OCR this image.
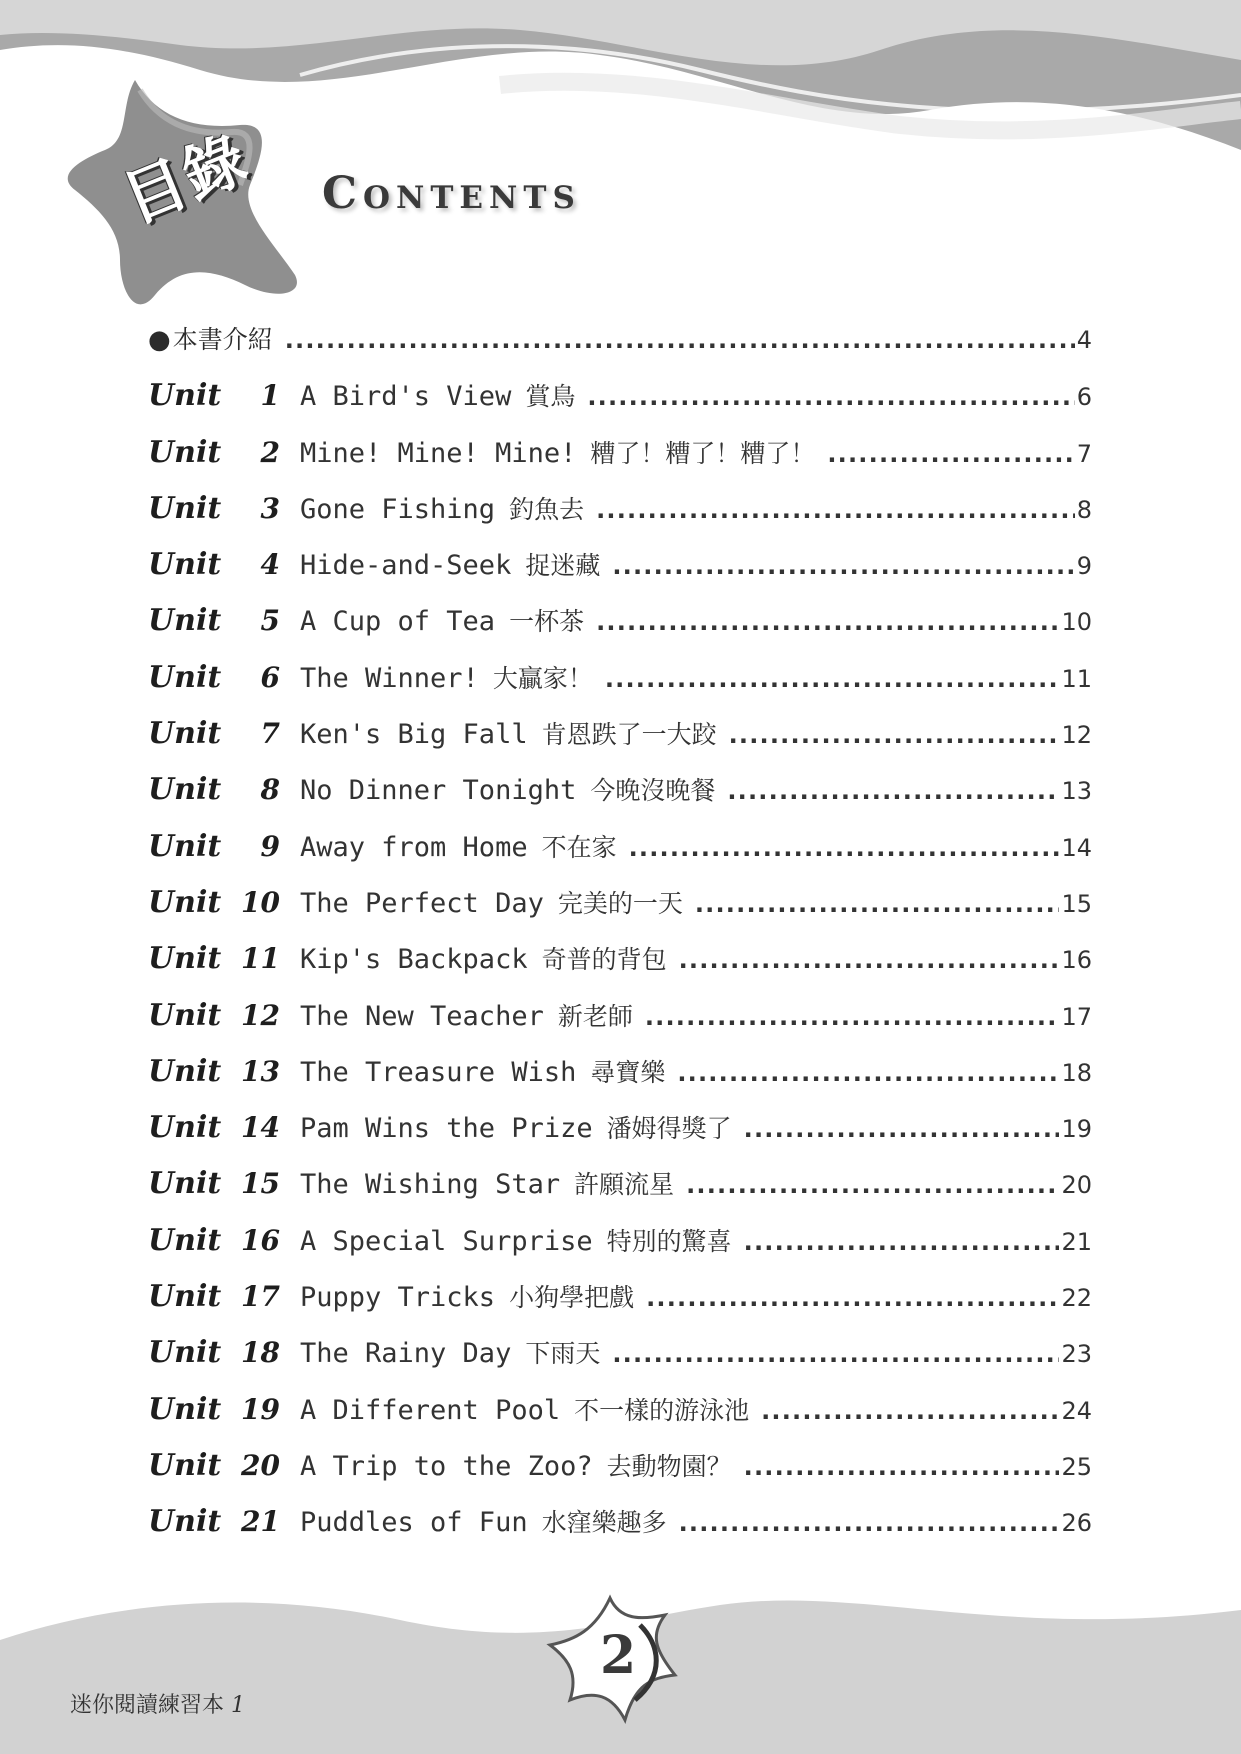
目錄 Contents
● 本書介紹 .....	4
Unit	1 A Bird's View 賞鳥 .....	6
Unit	2 Mine! Mine! Mine! 糟了！糟了！糟了！ .....	7
Unit	3 Gone Fishing 釣魚去 .....	8
Unit	4 Hide-and-Seek 捉迷藏 .....	9
Unit	5 A Cup of Tea 一杯茶 .....	10
Unit	6 The Winner! 大贏家！ .....	11
Unit	7 Ken's Big Fall 肯恩跌了一大跤 .....	12
Unit	8 No Dinner Tonight 今晚沒晚餐 .....	13
Unit	9 Away from Home 不在家 .....	14
Unit 10 The Perfect Day 完美的一天 .....	15
Unit 11 Kip's Backpack 奇普的背包 .....	16
Unit 12 The New Teacher 新老師 .....	17
Unit 13 The Treasure Wish 尋寶樂 .....	18
Unit 14 Pam Wins the Prize 潘姆得獎了 .....	19
Unit 15 The Wishing Star 許願流星 .....	20
Unit 16 A Special Surprise 特別的驚喜 .....	21
Unit 17 Puppy Tricks 小狗學把戲 .....	22
Unit 18 The Rainy Day 下雨天 .....	23
Unit 19 A Different Pool 不一樣的游泳池 .....	24
Unit 20 A Trip to the Zoo? 去動物園？ .....	25
Unit 21 Puddles of Fun 水窪樂趣多 .....	26
2
迷你閱讀練習本 1
